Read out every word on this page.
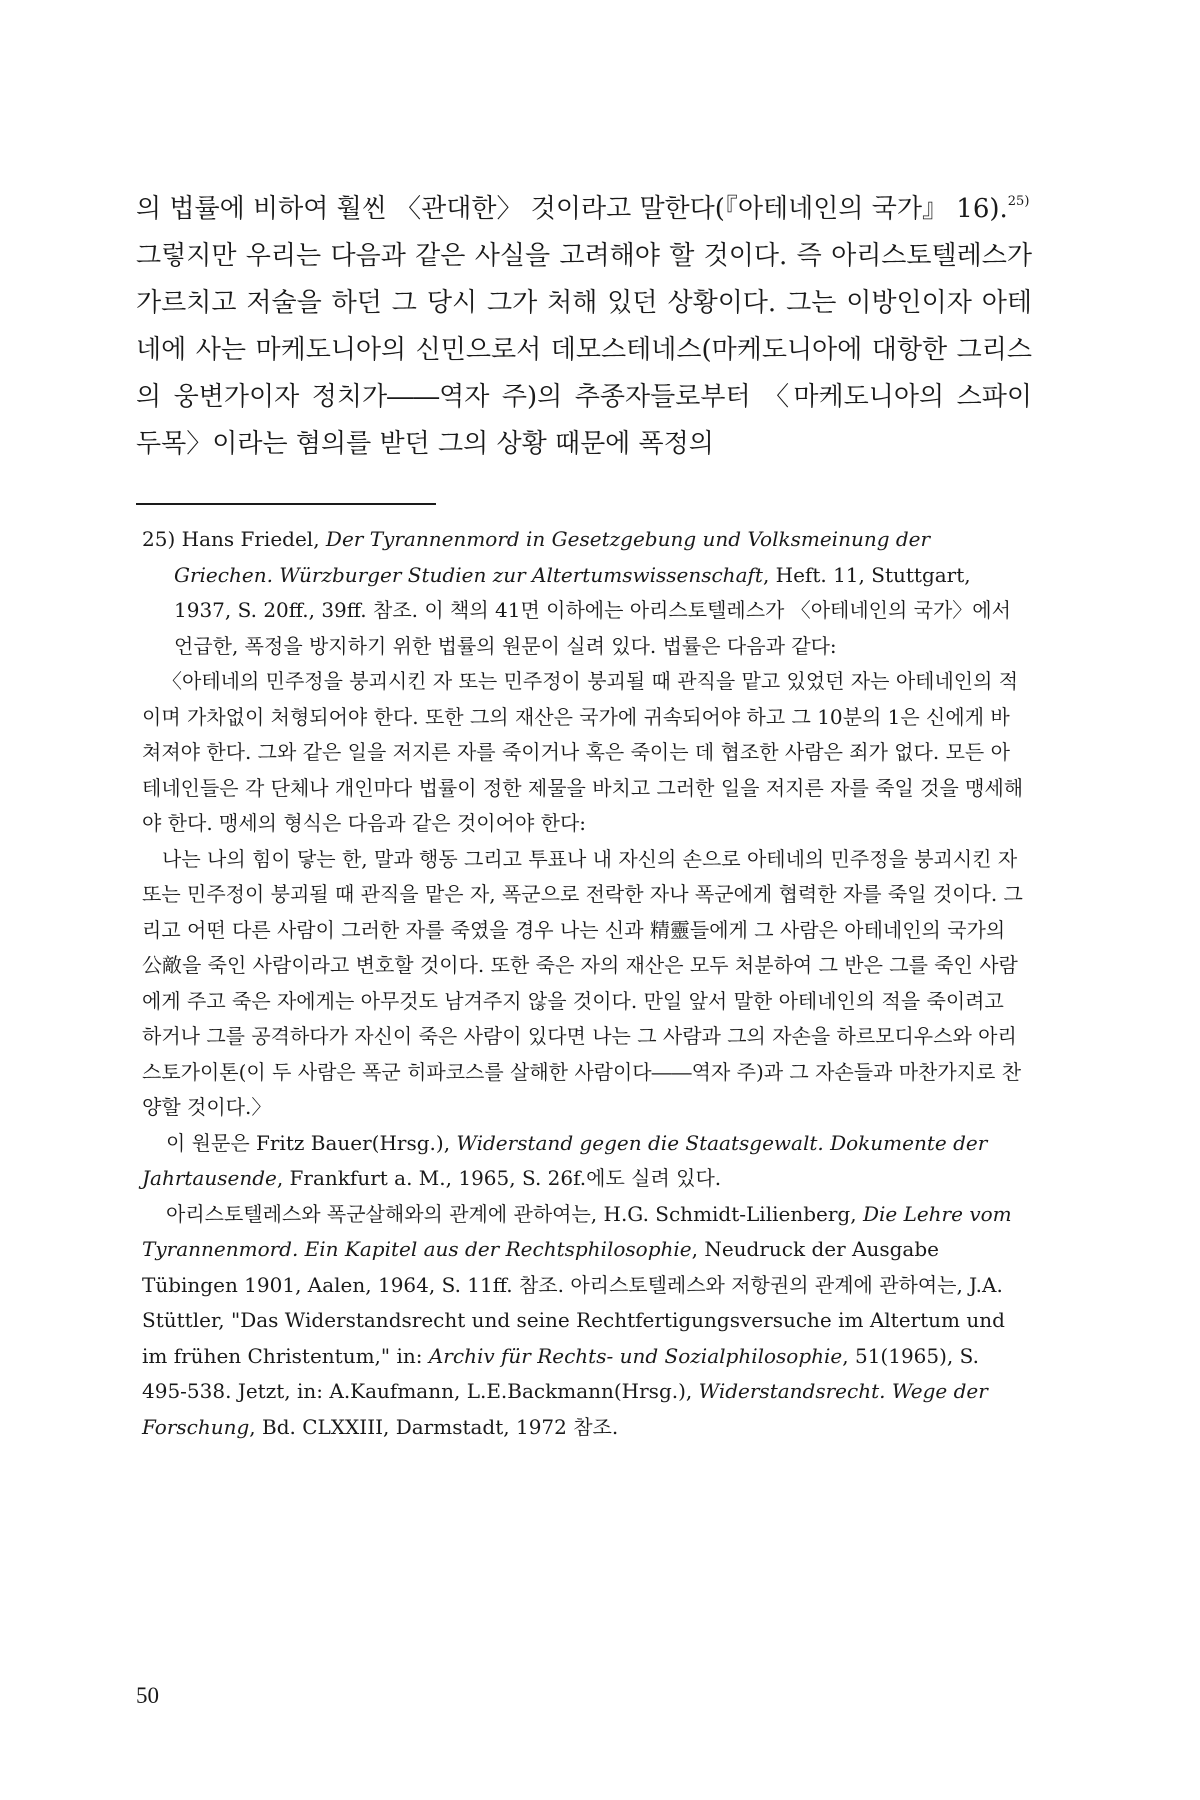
의 법률에 비하여 훨씬 〈관대한〉 것이라고 말한다(『아테네인의 국가』 16).$^{25)}$
그렇지만 우리는 다음과 같은 사실을 고려해야 할 것이다. 즉 아리스토텔레스가 가르치고 저술을 하던 그 당시 그가 처해 있던 상황이다. 그는 이방인이자 아테네에 사는 마케도니아의 신민으로서 데모스테네스(마케도니아에 대항한 그리스의 웅변가이자 정치가――역자 주)의 추종자들로부터 〈마케도니아의 스파이 두목〉이라는 혐의를 받던 그의 상황 때문에 폭정의

25) Hans Friedel, Der Tyrannenmord in Gesetzgebung und Volksmeinung der Griechen. Würzburger Studien zur Altertumswissenschaft, Heft. 11, Stuttgart, 1937, S. 20ff., 39ff. 참조. 이 책의 41면 이하에는 아리스토텔레스가 〈아테네인의 국가〉에서 언급한, 폭정을 방지하기 위한 법률의 원문이 실려 있다. 법률은 다음과 같다:

〈아테네의 민주정을 붕괴시킨 자 또는 민주정이 붕괴될 때 관직을 맡고 있었던 자는 아테네인의 적이며 가차없이 처형되어야 한다. 또한 그의 재산은 국가에 귀속되어야 하고 그 10분의 1은 신에게 바쳐져야 한다. 그와 같은 일을 저지른 자를 죽이거나 혹은 죽이는 데 협조한 사람은 죄가 없다. 모든 아테네인들은 각 단체나 개인마다 법률이 정한 제물을 바치고 그러한 일을 저지른 자를 죽일 것을 맹세해야 한다. 맹세의 형식은 다음과 같은 것이어야 한다:

나는 나의 힘이 닿는 한, 말과 행동 그리고 투표나 내 자신의 손으로 아테네의 민주정을 붕괴시킨 자 또는 민주정이 붕괴될 때 관직을 맡은 자, 폭군으로 전락한 자나 폭군에게 협력한 자를 죽일 것이다. 그리고 어떤 다른 사람이 그러한 자를 죽였을 경우 나는 신과 精靈들에게 그 사람은 아테네인의 국가의 公敵을 죽인 사람이라고 변호할 것이다. 또한 죽은 자의 재산은 모두 처분하여 그 반은 그를 죽인 사람에게 주고 죽은 자에게는 아무것도 남겨주지 않을 것이다. 만일 앞서 말한 아테네인의 적을 죽이려고 하거나 그를 공격하다가 자신이 죽은 사람이 있다면 나는 그 사람과 그의 자손을 하르모디우스와 아리스토가이톤(이 두 사람은 폭군 히파코스를 살해한 사람이다――역자 주)과 그 자손들과 마찬가지로 찬양할 것이다.〉

이 원문은 Fritz Bauer(Hrsg.), Widerstand gegen die Staatsgewalt. Dokumente der Jahrtausende, Frankfurt a. M., 1965, S. 26f.에도 실려 있다.

아리스토텔레스와 폭군살해와의 관계에 관하여는, H.G. Schmidt-Lilienberg, Die Lehre vom Tyrannenmord. Ein Kapitel aus der Rechtsphilosophie, Neudruck der Ausgabe Tübingen 1901, Aalen, 1964, S. 11ff. 참조. 아리스토텔레스와 저항권의 관계에 관하여는, J.A. Stüttler, "Das Widerstandsrecht und seine Rechtfertigungsversuche im Altertum und im frühen Christentum," in: Archiv für Rechts- und Sozialphilosophie, 51(1965), S. 495-538. Jetzt, in: A.Kaufmann, L.E.Backmann(Hrsg.), Widerstandsrecht. Wege der Forschung, Bd. CLXXIII, Darmstadt, 1972 참조.

50
